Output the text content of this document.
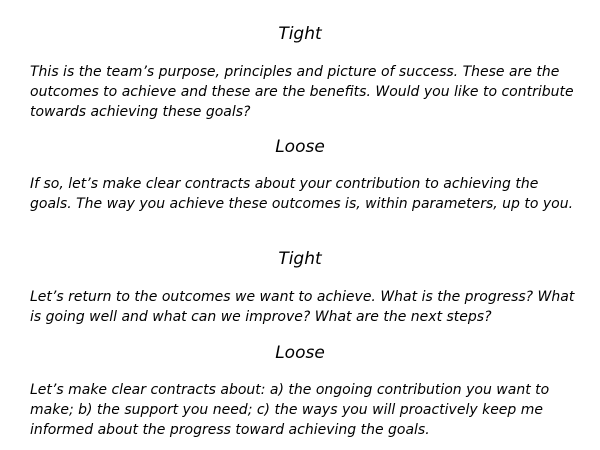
Tight

This is the team’s purpose, principles and picture of success. These are the outcomes to achieve and these are the benefits. Would you like to contribute towards achieving these goals?

Loose

If so, let’s make clear contracts about your contribution to achieving the goals. The way you achieve these outcomes is, within parameters, up to you.

Tight

Let’s return to the outcomes we want to achieve. What is the progress? What is going well and what can we improve? What are the next steps?

Loose

Let’s make clear contracts about: a) the ongoing contribution you want to make; b) the support you need; c) the ways you will proactively keep me informed about the progress toward achieving the goals.
